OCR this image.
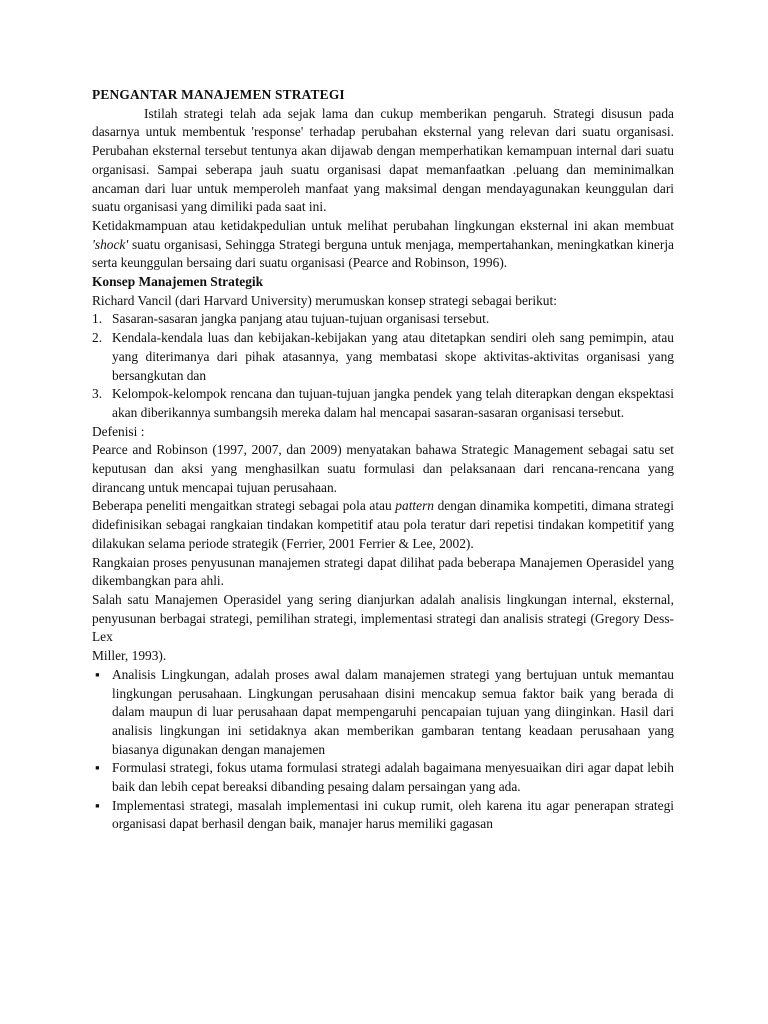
PENGANTAR MANAJEMEN STRATEGI

Istilah strategi telah ada sejak lama dan cukup memberikan pengaruh. Strategi disusun pada dasarnya untuk membentuk 'response' terhadap perubahan eksternal yang relevan dari suatu organisasi. Perubahan eksternal tersebut tentunya akan dijawab dengan memperhatikan kemampuan internal dari suatu organisasi. Sampai seberapa jauh suatu organisasi dapat memanfaatkan .peluang dan meminimalkan ancaman dari luar untuk memperoleh manfaat yang maksimal dengan mendayagunakan keunggulan dari suatu organisasi yang dimiliki pada saat ini.

Ketidakmampuan atau ketidakpedulian untuk melihat perubahan lingkungan eksternal ini akan membuat 'shock' suatu organisasi, Sehingga Strategi berguna untuk menjaga, mempertahankan, meningkatkan kinerja serta keunggulan bersaing dari suatu organisasi (Pearce and Robinson, 1996).

Konsep Manajemen Strategik

Richard Vancil (dari Harvard University) merumuskan konsep strategi sebagai berikut:

1. Sasaran-sasaran jangka panjang atau tujuan-tujuan organisasi tersebut.
2. Kendala-kendala luas dan kebijakan-kebijakan yang atau ditetapkan sendiri oleh sang pemimpin, atau yang diterimanya dari pihak atasannya, yang membatasi skope aktivitas-aktivitas organisasi yang bersangkutan dan
3. Kelompok-kelompok rencana dan tujuan-tujuan jangka pendek yang telah diterapkan dengan ekspektasi akan diberikannya sumbangsih mereka dalam hal mencapai sasaran-sasaran organisasi tersebut.

Defenisi :

Pearce and Robinson (1997, 2007, dan 2009) menyatakan bahawa Strategic Management sebagai satu set keputusan dan aksi yang menghasilkan suatu formulasi dan pelaksanaan dari rencana-rencana yang dirancang untuk mencapai tujuan perusahaan.

Beberapa peneliti mengaitkan strategi sebagai pola atau pattern dengan dinamika kompetiti, dimana strategi didefinisikan sebagai rangkaian tindakan kompetitif atau pola teratur dari repetisi tindakan kompetitif yang dilakukan selama periode strategik (Ferrier, 2001 Ferrier & Lee, 2002).

Rangkaian proses penyusunan manajemen strategi dapat dilihat pada beberapa Manajemen Operasidel yang dikembangkan para ahli.

Salah satu Manajemen Operasidel yang sering dianjurkan adalah analisis lingkungan internal, eksternal, penyusunan berbagai strategi, pemilihan strategi, implementasi strategi dan analisis strategi (Gregory Dess-Lex

Miller, 1993).

▪ Analisis Lingkungan, adalah proses awal dalam manajemen strategi yang bertujuan untuk memantau lingkungan perusahaan. Lingkungan perusahaan disini mencakup semua faktor baik yang berada di dalam maupun di luar perusahaan dapat mempengaruhi pencapaian tujuan yang diinginkan. Hasil dari analisis lingkungan ini setidaknya akan memberikan gambaran tentang keadaan perusahaan yang biasanya digunakan dengan manajemen
▪ Formulasi strategi, fokus utama formulasi strategi adalah bagaimana menyesuaikan diri agar dapat lebih baik dan lebih cepat bereaksi dibanding pesaing dalam persaingan yang ada.
▪ Implementasi strategi, masalah implementasi ini cukup rumit, oleh karena itu agar penerapan strategi organisasi dapat berhasil dengan baik, manajer harus memiliki gagasan
